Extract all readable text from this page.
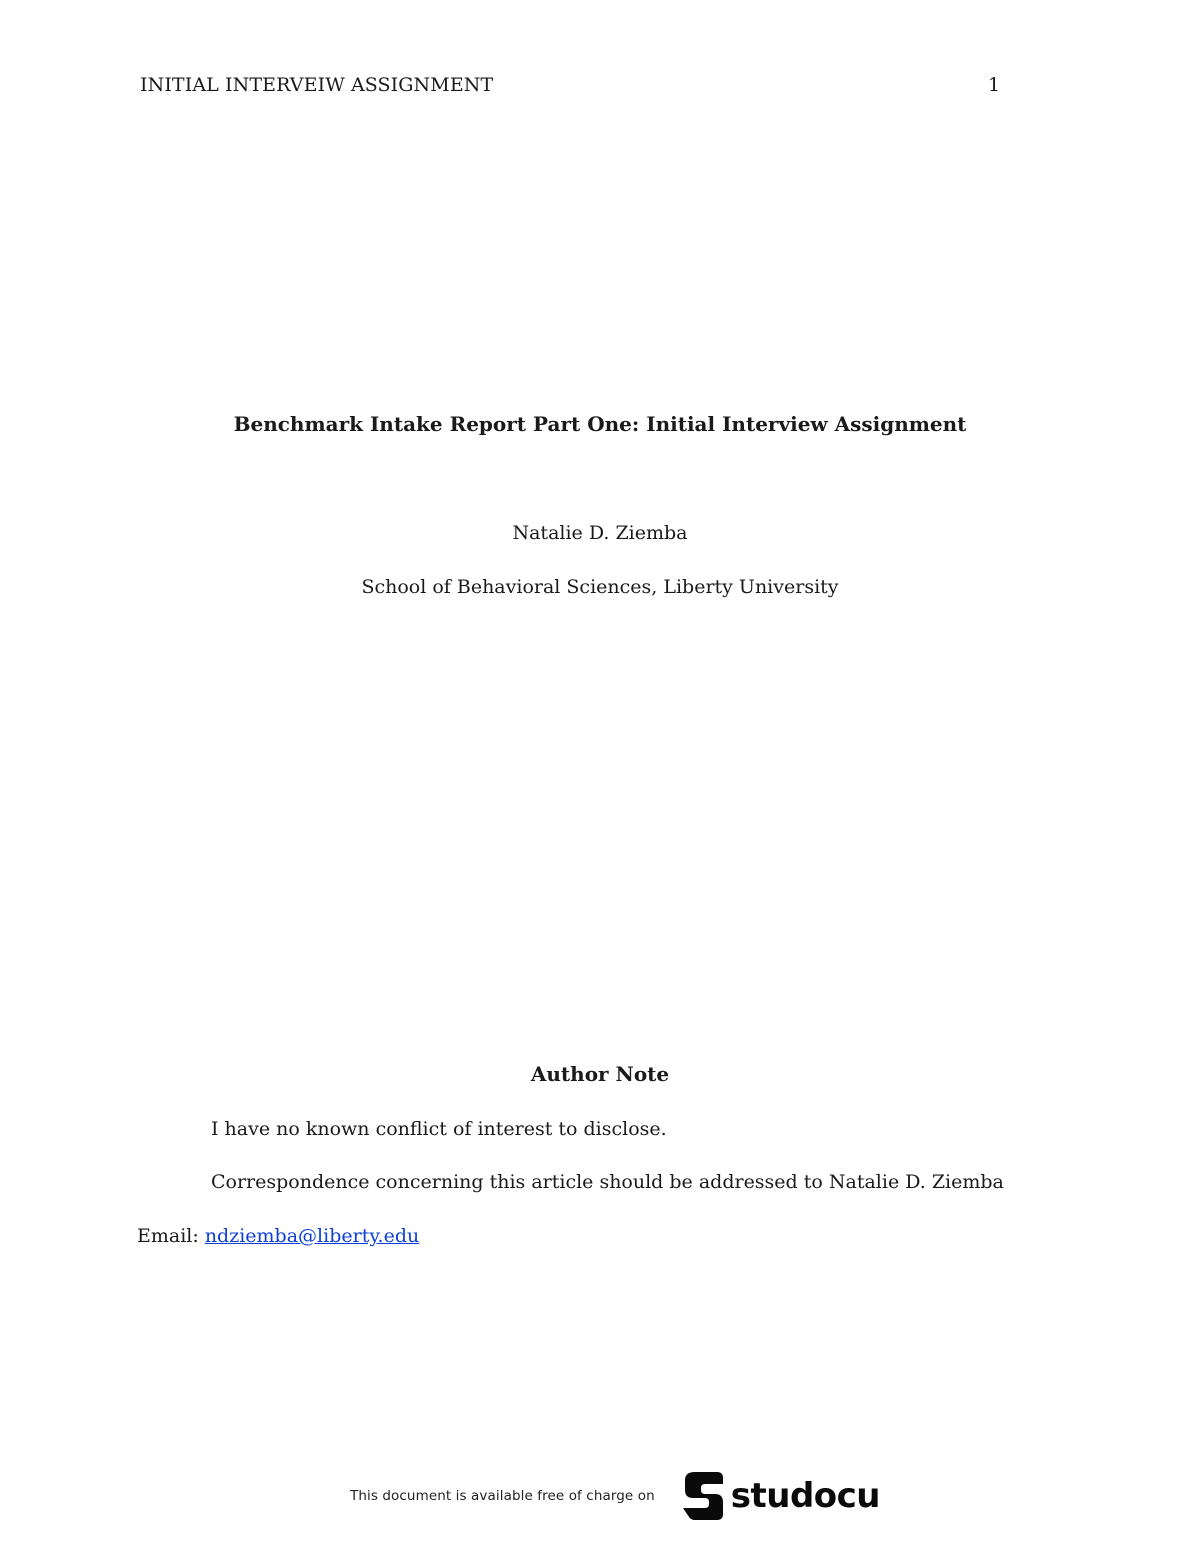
INITIAL INTERVEIW ASSIGNMENT	1
Benchmark Intake Report Part One: Initial Interview Assignment
Natalie D. Ziemba
School of Behavioral Sciences, Liberty University
Author Note
I have no known conflict of interest to disclose.
Correspondence concerning this article should be addressed to Natalie D. Ziemba
Email: ndziemba@liberty.edu
This document is available free of charge on studocu
